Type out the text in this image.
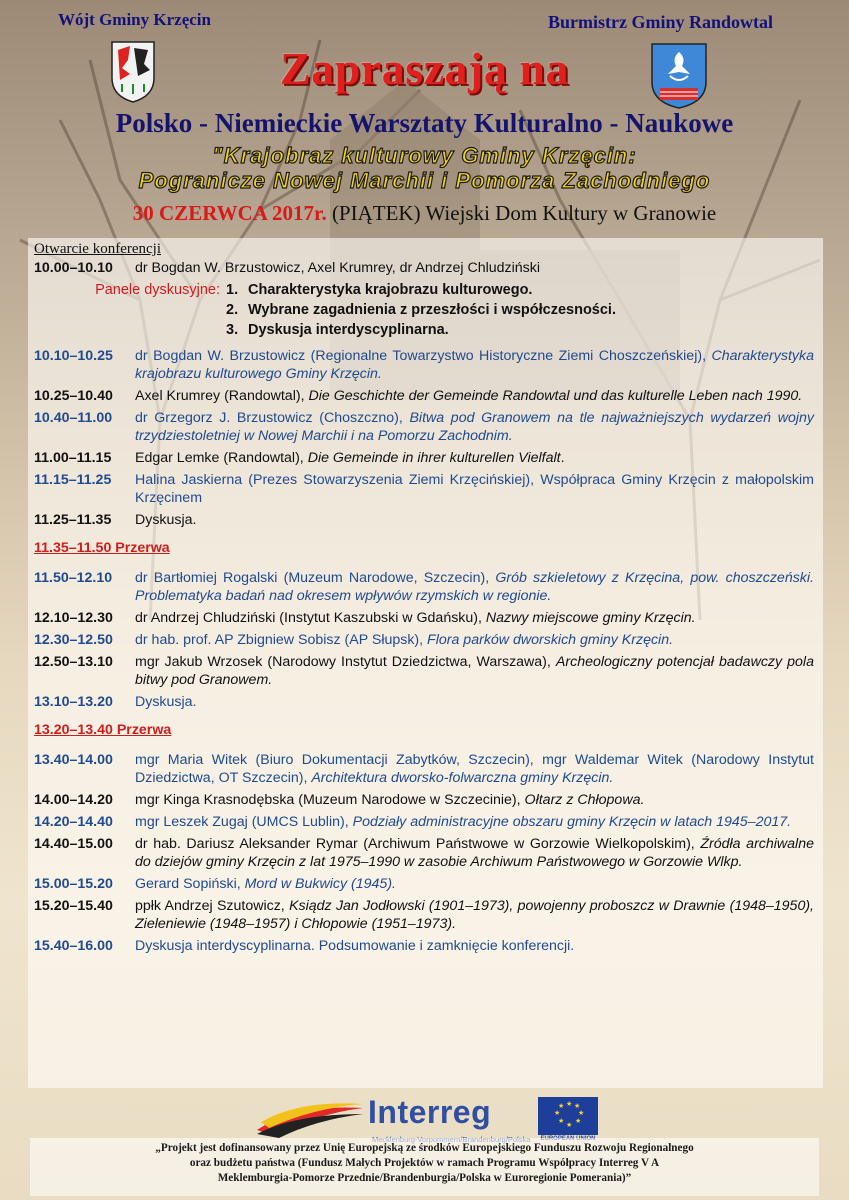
Wójt Gminy Krzęcin	Burmistrz Gminy Randowtal
Zapraszają na
Polsko - Niemieckie Warsztaty Kulturalno - Naukowe
"Krajobraz kulturowy Gminy Krzęcin:
Pogranicze Nowej Marchii i Pomorza Zachodniego
30 CZERWCA 2017r. (PIĄTEK) Wiejski Dom Kultury w Granowie
Otwarcie konferencji
10.00–10.10	dr Bogdan W. Brzustowicz, Axel Krumrey, dr Andrzej Chludziński
Panele dyskusyjne: 1. Charakterystyka krajobrazu kulturowego.
2. Wybrane zagadnienia z przeszłości i współczesności.
3. Dyskusja interdyscyplinarna.
10.10–10.25	dr Bogdan W. Brzustowicz (Regionalne Towarzystwo Historyczne Ziemi Choszczeńskiej), Charakterystyka krajobrazu kulturowego Gminy Krzęcin.
10.25–10.40	Axel Krumrey (Randowtal), Die Geschichte der Gemeinde Randowtal und das kulturelle Leben nach 1990.
10.40–11.00	dr Grzegorz J. Brzustowicz (Choszczno), Bitwa pod Granowem na tle najważniejszych wydarzeń wojny trzydziestoletniej w Nowej Marchii i na Pomorzu Zachodnim.
11.00–11.15	Edgar Lemke (Randowtal), Die Gemeinde in ihrer kulturellen Vielfalt.
11.15–11.25	Halina Jaskierna (Prezes Stowarzyszenia Ziemi Krzęcińskiej), Współpraca Gminy Krzęcin z małopolskim Krzęcinem
11.25–11.35	Dyskusja.
11.35–11.50 Przerwa
11.50–12.10	dr Bartłomiej Rogalski (Muzeum Narodowe, Szczecin), Grób szkieletowy z Krzęcina, pow. choszczeński. Problematyka badań nad okresem wpływów rzymskich w regionie.
12.10–12.30	dr Andrzej Chludziński (Instytut Kaszubski w Gdańsku), Nazwy miejscowe gminy Krzęcin.
12.30–12.50	dr hab. prof. AP Zbigniew Sobisz (AP Słupsk), Flora parków dworskich gminy Krzęcin.
12.50–13.10	mgr Jakub Wrzosek (Narodowy Instytut Dziedzictwa, Warszawa), Archeologiczny potencjał badawczy pola bitwy pod Granowem.
13.10–13.20	Dyskusja.
13.20–13.40 Przerwa
13.40–14.00	mgr Maria Witek (Biuro Dokumentacji Zabytków, Szczecin), mgr Waldemar Witek (Narodowy Instytut Dziedzictwa, OT Szczecin), Architektura dworsko-folwarczna gminy Krzęcin.
14.00–14.20	mgr Kinga Krasnodębska (Muzeum Narodowe w Szczecinie), Ołtarz z Chłopowa.
14.20–14.40	mgr Leszek Zugaj (UMCS Lublin), Podziały administracyjne obszaru gminy Krzęcin w latach 1945–2017.
14.40–15.00	dr hab. Dariusz Aleksander Rymar (Archiwum Państwowe w Gorzowie Wielkopolskim), Źródła archiwalne do dziejów gminy Krzęcin z lat 1975–1990 w zasobie Archiwum Państwowego w Gorzowie Wlkp.
15.00–15.20	Gerard Sopiński, Mord w Bukwicy (1945).
15.20–15.40	ppłk Andrzej Szutowicz, Ksiądz Jan Jodłowski (1901–1973), powojenny proboszcz w Drawnie (1948–1950), Zieleniewie (1948–1957) i Chłopowie (1951–1973).
15.40–16.00	Dyskusja interdyscyplinarna. Podsumowanie i zamknięcie konferencji.
Interreg	★ ★
★
★
★
★
★
★
„Projekt jest dofinansowany przez Unię Europejską ze środków Europejskiego Funduszu Rozwoju Regionalnego
oraz budżetu państwa (Fundusz Małych Projektów w ramach Programu Współpracy Interreg V A
Meklemburgia-Pomorze Przednie/Brandenburgia/Polska w Euroregionie Pomerania)”
